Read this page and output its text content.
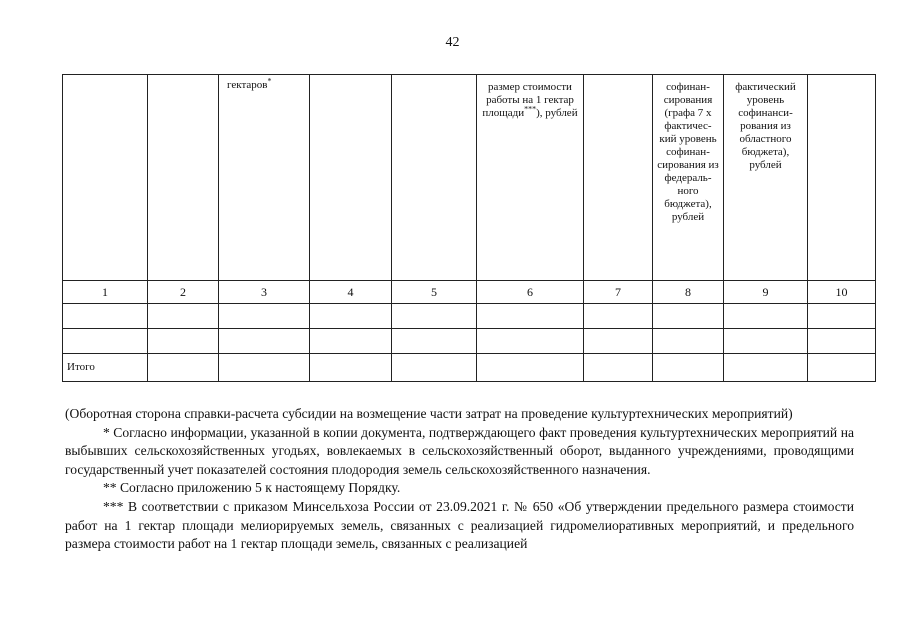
42

		гектаров*			размер стоимости работы на 1 гектар площади***), рублей		софинан-сирования (графа 7 х фактичес-кий уровень софинан-сирования из федераль-ного бюджета), рублей	фактический уровень софинанси-рования из областного бюджета), рублей	

1	2	3	4	5	6	7	8	9	10

Итого									

(Оборотная сторона справки-расчета субсидии на возмещение части затрат на проведение культуртехнических мероприятий)

* Согласно информации, указанной в копии документа, подтверждающего факт проведения культуртехнических мероприятий на выбывших сельскохозяйственных угодьях, вовлекаемых в сельскохозяйственный оборот, выданного учреждениями, проводящими государственный учет показателей состояния плодородия земель сельскохозяйственного назначения.

** Согласно приложению 5 к настоящему Порядку.

*** В соответствии с приказом Минсельхоза России от 23.09.2021 г. № 650 «Об утверждении предельного размера стоимости работ на 1 гектар площади мелиорируемых земель, связанных с реализацией гидромелиоративных мероприятий, и предельного размера стоимости работ на 1 гектар площади земель, связанных с реализацией
